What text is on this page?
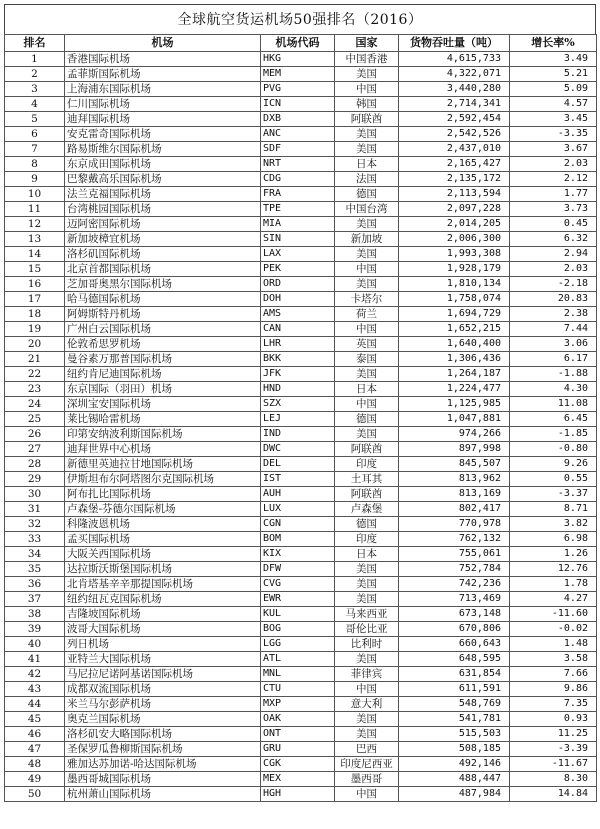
全球航空货运机场50强排名（2016）
排名	机场	机场代码	国家	货物吞吐量（吨）	增长率%
1	香港国际机场	HKG	中国香港	4,615,733	3.49
2	孟菲斯国际机场	MEM	美国	4,322,071	5.21
3	上海浦东国际机场	PVG	中国	3,440,280	5.09
4	仁川国际机场	ICN	韩国	2,714,341	4.57
5	迪拜国际机场	DXB	阿联酋	2,592,454	3.45
6	安克雷奇国际机场	ANC	美国	2,542,526	-3.35
7	路易斯维尔国际机场	SDF	美国	2,437,010	3.67
8	东京成田国际机场	NRT	日本	2,165,427	2.03
9	巴黎戴高乐国际机场	CDG	法国	2,135,172	2.12
10	法兰克福国际机场	FRA	德国	2,113,594	1.77
11	台湾桃园国际机场	TPE	中国台湾	2,097,228	3.73
12	迈阿密国际机场	MIA	美国	2,014,205	0.45
13	新加坡樟宜机场	SIN	新加坡	2,006,300	6.32
14	洛杉矶国际机场	LAX	美国	1,993,308	2.94
15	北京首都国际机场	PEK	中国	1,928,179	2.03
16	芝加哥奥黑尔国际机场	ORD	美国	1,810,134	-2.18
17	哈马德国际机场	DOH	卡塔尔	1,758,074	20.83
18	阿姆斯特丹机场	AMS	荷兰	1,694,729	2.38
19	广州白云国际机场	CAN	中国	1,652,215	7.44
20	伦敦希思罗机场	LHR	英国	1,640,400	3.06
21	曼谷素万那普国际机场	BKK	泰国	1,306,436	6.17
22	纽约肯尼迪国际机场	JFK	美国	1,264,187	-1.88
23	东京国际（羽田）机场	HND	日本	1,224,477	4.30
24	深圳宝安国际机场	SZX	中国	1,125,985	11.08
25	莱比锡哈雷机场	LEJ	德国	1,047,881	6.45
26	印第安纳波利斯国际机场	IND	美国	974,266	-1.85
27	迪拜世界中心机场	DWC	阿联酋	897,998	-0.80
28	新德里英迪拉甘地国际机场	DEL	印度	845,507	9.26
29	伊斯坦布尔阿塔图尔克国际机场	IST	土耳其	813,962	0.55
30	阿布扎比国际机场	AUH	阿联酋	813,169	-3.37
31	卢森堡-芬德尔国际机场	LUX	卢森堡	802,417	8.71
32	科隆波恩机场	CGN	德国	770,978	3.82
33	孟买国际机场	BOM	印度	762,132	6.98
34	大阪关西国际机场	KIX	日本	755,061	1.26
35	达拉斯沃斯堡国际机场	DFW	美国	752,784	12.76
36	北肯塔基辛辛那提国际机场	CVG	美国	742,236	1.78
37	纽约纽瓦克国际机场	EWR	美国	713,469	4.27
38	吉隆坡国际机场	KUL	马来西亚	673,148	-11.60
39	波哥大国际机场	BOG	哥伦比亚	670,806	-0.02
40	列日机场	LGG	比利时	660,643	1.48
41	亚特兰大国际机场	ATL	美国	648,595	3.58
42	马尼拉尼诺阿基诺国际机场	MNL	菲律宾	631,854	7.66
43	成都双流国际机场	CTU	中国	611,591	9.86
44	米兰马尔彭萨机场	MXP	意大利	548,769	7.35
45	奥克兰国际机场	OAK	美国	541,781	0.93
46	洛杉矶安大略国际机场	ONT	美国	515,503	11.25
47	圣保罗瓜鲁柳斯国际机场	GRU	巴西	508,185	-3.39
48	雅加达苏加诺-哈达国际机场	CGK	印度尼西亚	492,146	-11.67
49	墨西哥城国际机场	MEX	墨西哥	488,447	8.30
50	杭州萧山国际机场	HGH	中国	487,984	14.84
